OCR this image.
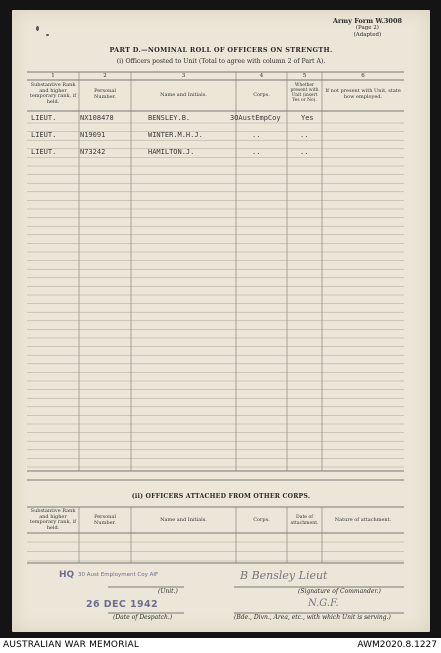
Army Form W.3008
(Page 2)
(Adapted)
PART D.—NOMINAL ROLL OF OFFICERS ON STRENGTH.
(i) Officers posted to Unit (Total to agree with column 2 of Part A).
1	2	3	4	5	6
Substantive Rank and higher temporary rank, if held.
Personal Number.	Name and Initials.	Corps.
Whether present with Unit (insert Yes or No).
If not present with Unit, state how employed.
LIEUT.	NX108478	BENSLEY.B.	3OAustEmpCoy	Yes
LIEUT.	N19091	WINTER.M.H.J.	..	..
LIEUT.	N73242	HAMILTON.J.	..	..
(ii) OFFICERS ATTACHED FROM OTHER CORPS.
Substantive Rank and higher temporary rank, if held.
Personal Number.	Name and Initials.	Corps.	Date of attachment.
Nature of attachment.
HQ 30 Aust Employment Coy AIF
(Unit.)
26 DEC 1942
(Date of Despatch.)
B Bensley Lieut
(Signature of Commander.)
N.G.F.
(Bde., Divn., Area, etc., with which Unit is serving.)
AUSTRALIAN WAR MEMORIAL	AWM2020.8.1227
